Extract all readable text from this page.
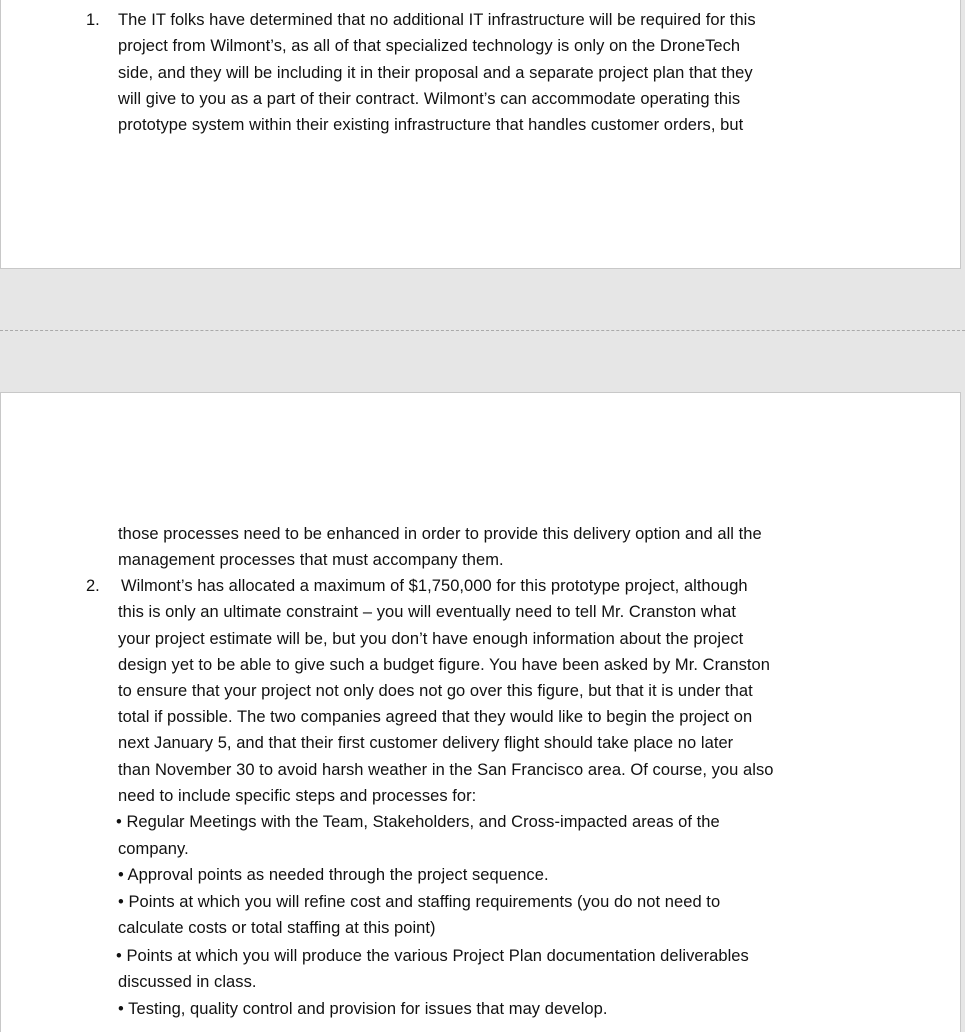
1. The IT folks have determined that no additional IT infrastructure will be required for this
project from Wilmont’s, as all of that specialized technology is only on the DroneTech
side, and they will be including it in their proposal and a separate project plan that they
will give to you as a part of their contract. Wilmont’s can accommodate operating this
prototype system within their existing infrastructure that handles customer orders, but
those processes need to be enhanced in order to provide this delivery option and all the
management processes that must accompany them.
2. Wilmont’s has allocated a maximum of $1,750,000 for this prototype project, although
this is only an ultimate constraint – you will eventually need to tell Mr. Cranston what
your project estimate will be, but you don’t have enough information about the project
design yet to be able to give such a budget figure. You have been asked by Mr. Cranston
to ensure that your project not only does not go over this figure, but that it is under that
total if possible. The two companies agreed that they would like to begin the project on
next January 5, and that their first customer delivery flight should take place no later
than November 30 to avoid harsh weather in the San Francisco area. Of course, you also
need to include specific steps and processes for:
• Regular Meetings with the Team, Stakeholders, and Cross-impacted areas of the
company.
• Approval points as needed through the project sequence.
• Points at which you will refine cost and staffing requirements (you do not need to
calculate costs or total staffing at this point)
• Points at which you will produce the various Project Plan documentation deliverables
discussed in class.
• Testing, quality control and provision for issues that may develop.
